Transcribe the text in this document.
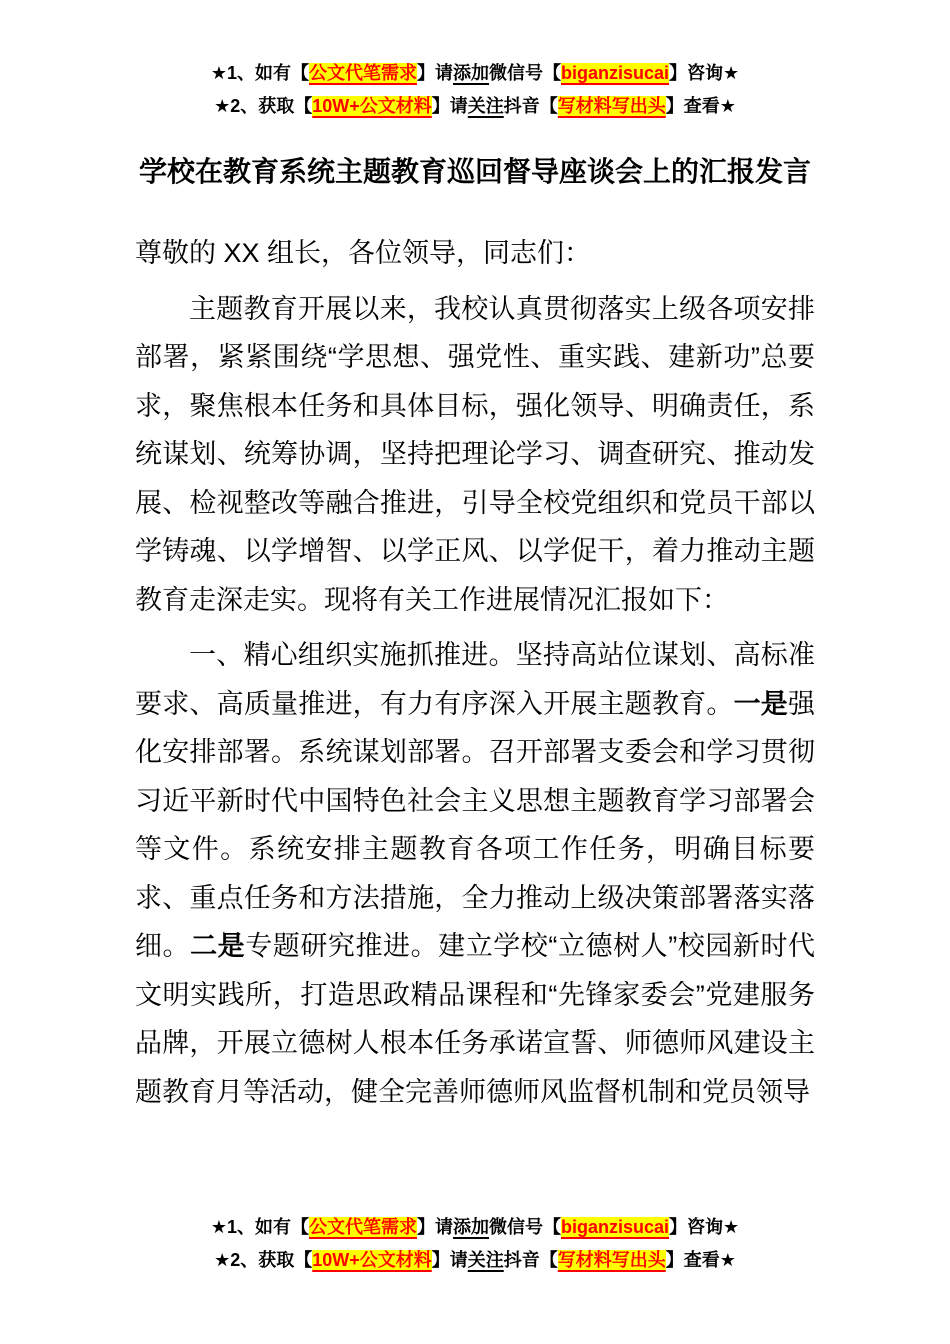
★1、如有【公文代笔需求】请添加微信号【biganzisucai】咨询★
★2、获取【10W+公文材料】请关注抖音【写材料写出头】查看★
学校在教育系统主题教育巡回督导座谈会上的汇报发言

尊敬的 XX 组长，各位领导，同志们：

主题教育开展以来，我校认真贯彻落实上级各项安排部署，紧紧围绕“学思想、强党性、重实践、建新功”总要求，聚焦根本任务和具体目标，强化领导、明确责任，系统谋划、统筹协调，坚持把理论学习、调查研究、推动发展、检视整改等融合推进，引导全校党组织和党员干部以学铸魂、以学增智、以学正风、以学促干，着力推动主题教育走深走实。现将有关工作进展情况汇报如下：

一、精心组织实施抓推进。坚持高站位谋划、高标准要求、高质量推进，有力有序深入开展主题教育。一是强化安排部署。系统谋划部署。召开部署支委会和学习贯彻习近平新时代中国特色社会主义思想主题教育学习部署会等文件。系统安排主题教育各项工作任务，明确目标要求、重点任务和方法措施，全力推动上级决策部署落实落细。二是专题研究推进。建立学校“立德树人”校园新时代文明实践所，打造思政精品课程和“先锋家委会”党建服务品牌，开展立德树人根本任务承诺宣誓、师德师风建设主题教育月等活动，健全完善师德师风监督机制和党员领导

★1、如有【公文代笔需求】请添加微信号【biganzisucai】咨询★
★2、获取【10W+公文材料】请关注抖音【写材料写出头】查看★
